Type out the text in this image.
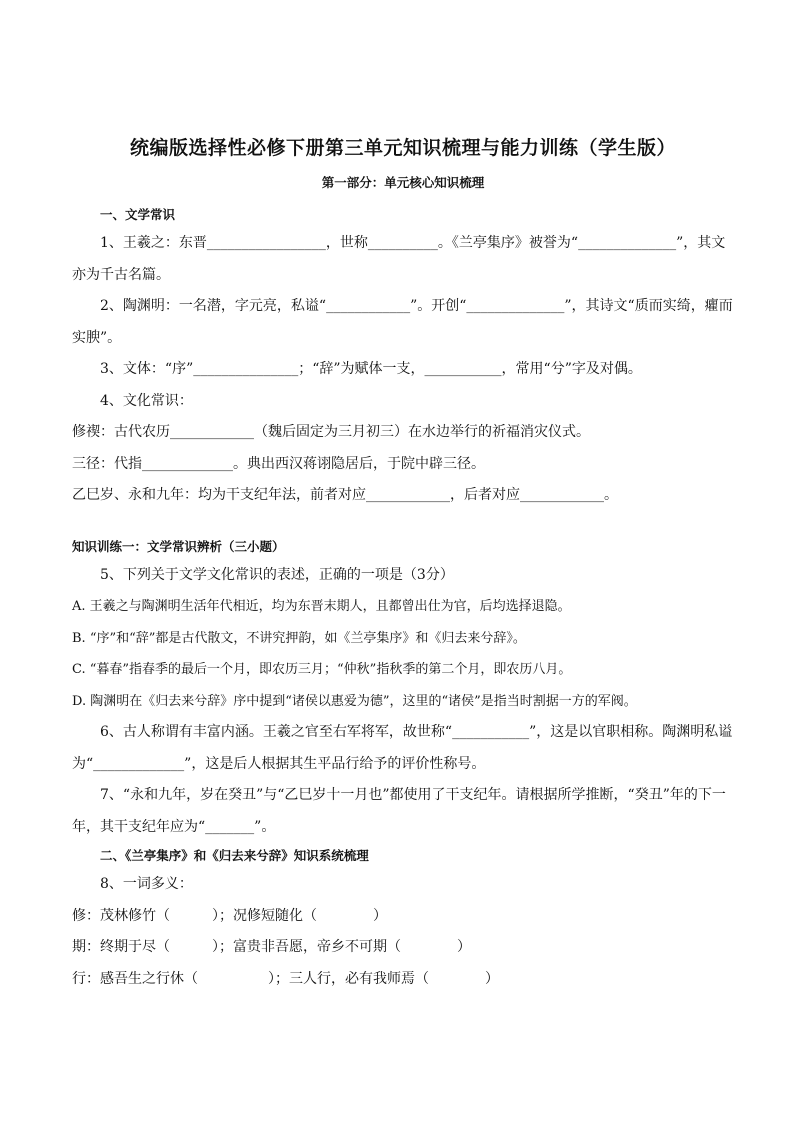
统编版选择性必修下册第三单元知识梳理与能力训练（学生版）
第一部分：单元核心知识梳理
一、文学常识

1、王羲之：东晋_________________，世称__________。《兰亭集序》被誉为“______________”，其文亦为千古名篇。

2、陶渊明：一名潜，字元亮，私谥“____________”。开创“______________”，其诗文“质而实绮，癯而实腴”。

3、文体：“序”_______________；“辞”为赋体一支，___________，常用“兮”字及对偶。

4、文化常识：

修禊：古代农历____________（魏后固定为三月初三）在水边举行的祈福消灾仪式。

三径：代指_____________。典出西汉蒋诩隐居后，于院中辟三径。

乙巳岁、永和九年：均为干支纪年法，前者对应____________，后者对应____________。

知识训练一：文学常识辨析（三小题）

5、下列关于文学文化常识的表述，正确的一项是（3分）

A. 王羲之与陶渊明生活年代相近，均为东晋末期人，且都曾出仕为官，后均选择退隐。

B. “序”和“辞”都是古代散文，不讲究押韵，如《兰亭集序》和《归去来兮辞》。

C. “暮春”指春季的最后一个月，即农历三月；“仲秋”指秋季的第二个月，即农历八月。

D. 陶渊明在《归去来兮辞》序中提到“诸侯以惠爱为德”，这里的“诸侯”是指当时割据一方的军阀。

6、古人称谓有丰富内涵。王羲之官至右军将军，故世称“___________”，这是以官职相称。陶渊明私谥为“_____________”，这是后人根据其生平品行给予的评价性称号。

7、“永和九年，岁在癸丑”与“乙巳岁十一月也”都使用了干支纪年。请根据所学推断，“癸丑”年的下一年，其干支纪年应为“_______”。

二、《兰亭集序》和《归去来兮辞》知识系统梳理

8、一词多义：

修：茂林修竹（　　　）；况修短随化（　　　　）

期：终期于尽（　　　）；富贵非吾愿，帝乡不可期（　　　　）

行：感吾生之行休（　　　　　）；三人行，必有我师焉（　　　　）
